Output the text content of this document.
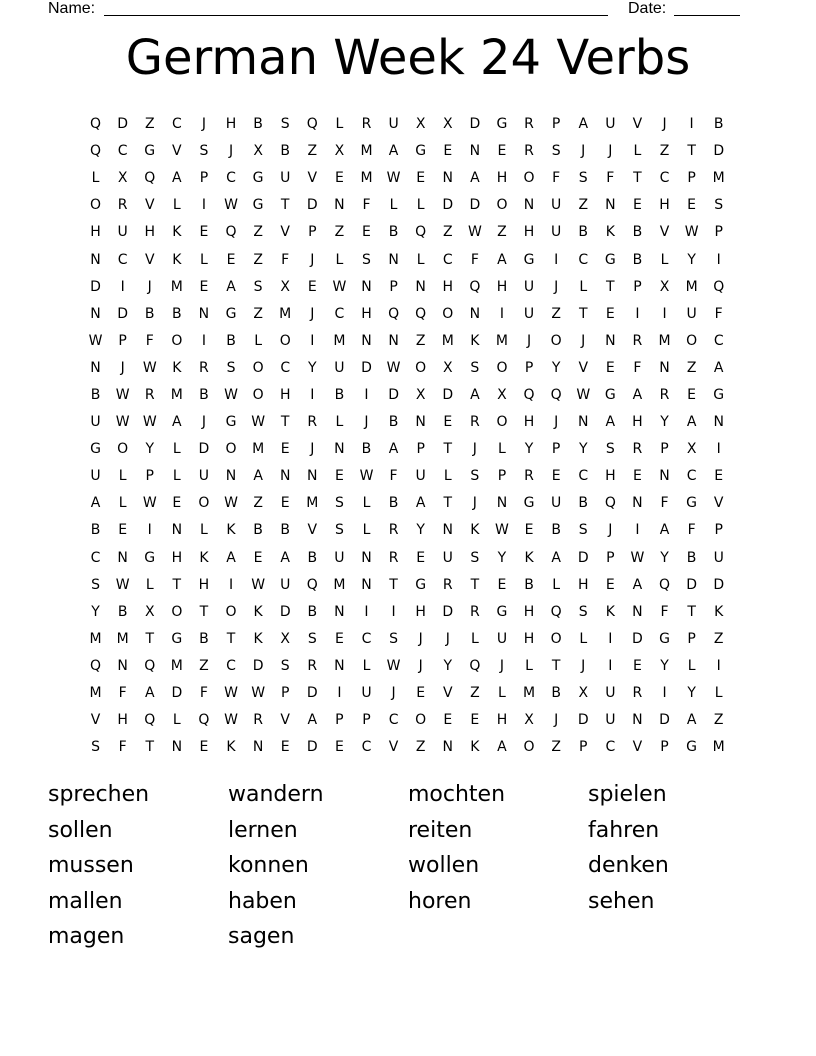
Name:	Date:
German Week 24 Verbs
Q	D	Z	C	J	H	B	S	Q	L	R	U	X	X	D	G	R	P	A	U	V	J	I	B
Q	C	G	V	S	J	X	B	Z	X	M	A	G	E	N	E	R	S	J	J	L	Z	T	D
L	X	Q	A	P	C	G	U	V	E	M	W	E	N	A	H	O	F	S	F	T	C	P	M
O	R	V	L	I	W	G	T	D	N	F	L	L	D	D	O	N	U	Z	N	E	H	E	S
H	U	H	K	E	Q	Z	V	P	Z	E	B	Q	Z	W	Z	H	U	B	K	B	V	W	P
N	C	V	K	L	E	Z	F	J	L	S	N	L	C	F	A	G	I	C	G	B	L	Y	I
D	I	J	M	E	A	S	X	E	W	N	P	N	H	Q	H	U	J	L	T	P	X	M	Q
N	D	B	B	N	G	Z	M	J	C	H	Q	Q	O	N	I	U	Z	T	E	I	I	U	F
W	P	F	O	I	B	L	O	I	M	N	N	Z	M	K	M	J	O	J	N	R	M	O	C
N	J	W	K	R	S	O	C	Y	U	D	W	O	X	S	O	P	Y	V	E	F	N	Z	A
B	W	R	M	B	W	O	H	I	B	I	D	X	D	A	X	Q	Q	W	G	A	R	E	G
U	W W	A	J	G	W	T	R	L	J	B	N	E	R	O	H	J	N	A	H	Y	A	N
G	O	Y	L	D	O	M	E	J	N	B	A	P	T	J	L	Y	P	Y	S	R	P	X	I
U	L	P	L	U	N	A	N	N	E	W	F	U	L	S	P	R	E	C	H	E	N	C	E
A	L	W	E	O	W	Z	E	M	S	L	B	A	T	J	N	G	U	B	Q	N	F	G	V
B	E	I	N	L	K	B	B	V	S	L	R	Y	N	K	W	E	B	S	J	I	A	F	P
C	N	G	H	K	A	E	A	B	U	N	R	E	U	S	Y	K	A	D	P	W	Y	B	U
S	W	L	T	H	I	W	U	Q	M	N	T	G	R	T	E	B	L	H	E	A	Q	D	D
Y	B	X	O	T	O	K	D	B	N	I	I	H	D	R	G	H	Q	S	K	N	F	T	K
M	M	T	G	B	T	K	X	S	E	C	S	J	J	L	U	H	O	L	I	D	G	P	Z
Q	N	Q	M	Z	C	D	S	R	N	L	W	J	Y	Q	J	L	T	J	I	E	Y	L	I
M	F	A	D	F	W W	P	D	I	U	J	E	V	Z	L	M	B	X	U	R	I	Y	L
V	H	Q	L	Q	W	R	V	A	P	P	C	O	E	E	H	X	J	D	U	N	D	A	Z
S	F	T	N	E	K	N	E	D	E	C	V	Z	N	K	A	O	Z	P	C	V	P	G	M
sprechen	wandern	mochten	spielen
sollen	lernen	reiten	fahren
mussen	konnen	wollen	denken
mallen	haben	horen	sehen
magen	sagen
